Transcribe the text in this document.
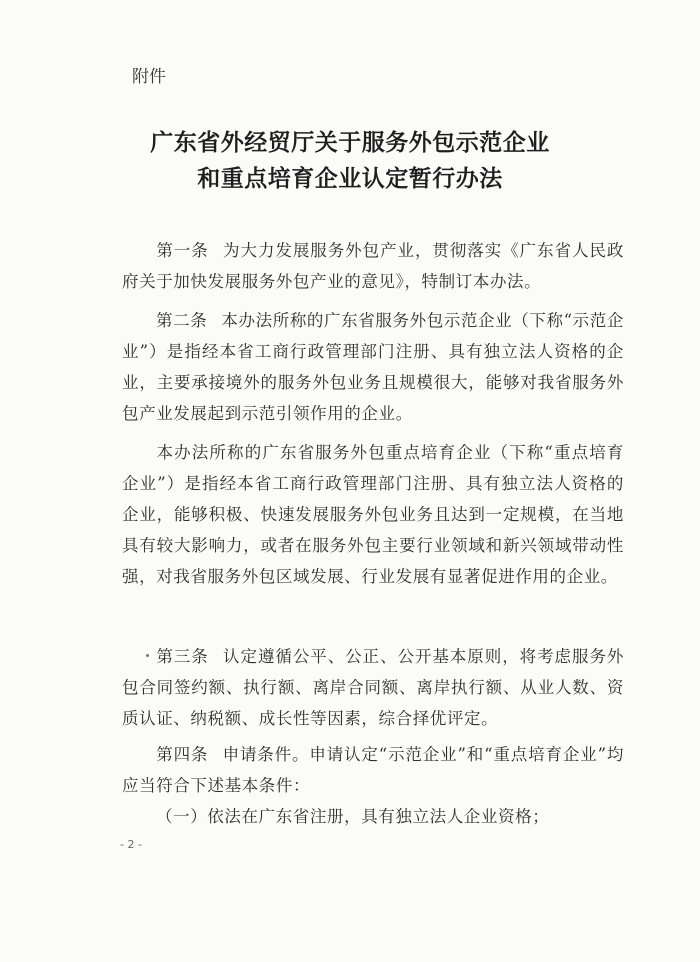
附件
广东省外经贸厅关于服务外包示范企业
和重点培育企业认定暂行办法
第一条 为大力发展服务外包产业，贯彻落实《广东省人民政府关于加快发展服务外包产业的意见》，特制订本办法。
第二条 本办法所称的广东省服务外包示范企业（下称“示范企业”）是指经本省工商行政管理部门注册、具有独立法人资格的企业，主要承接境外的服务外包业务且规模很大，能够对我省服务外包产业发展起到示范引领作用的企业。
本办法所称的广东省服务外包重点培育企业（下称“重点培育企业”）是指经本省工商行政管理部门注册、具有独立法人资格的企业，能够积极、快速发展服务外包业务且达到一定规模，在当地具有较大影响力，或者在服务外包主要行业领域和新兴领域带动性强，对我省服务外包区域发展、行业发展有显著促进作用的企业。
第三条 认定遵循公平、公正、公开基本原则，将考虑服务外包合同签约额、执行额、离岸合同额、离岸执行额、从业人数、资质认证、纳税额、成长性等因素，综合择优评定。
第四条 申请条件。申请认定“示范企业”和“重点培育企业”均应当符合下述基本条件：
（一）依法在广东省注册，具有独立法人企业资格；
- 2 -
